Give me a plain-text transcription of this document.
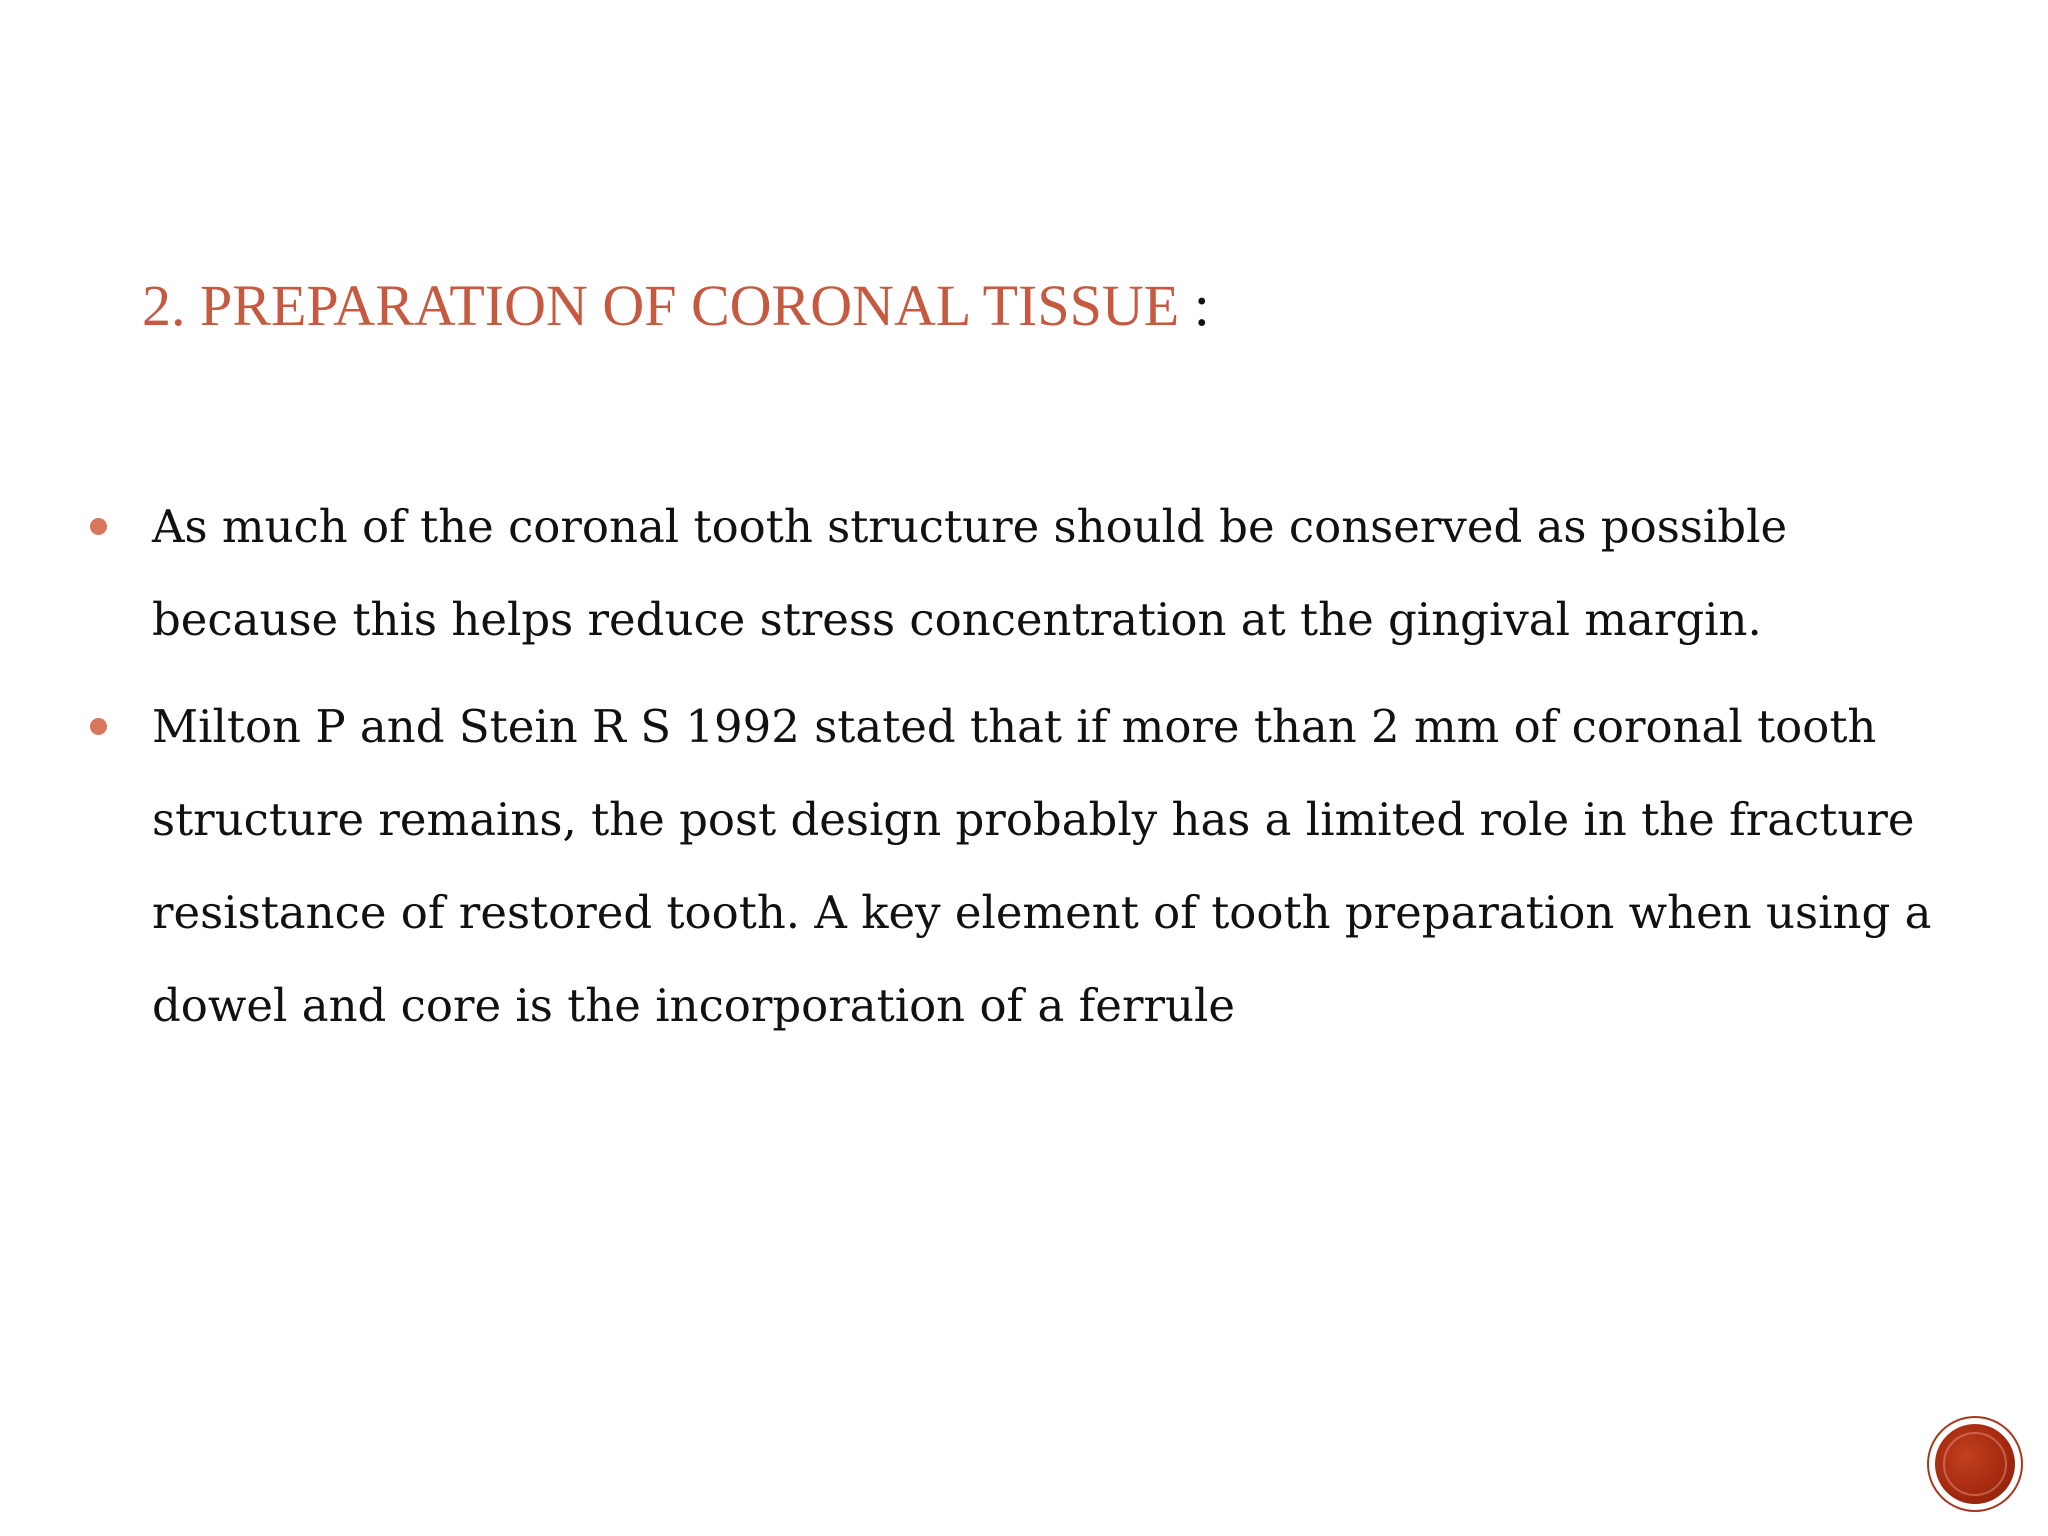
2. PREPARATION OF CORONAL TISSUE :
As much of the coronal tooth structure should be conserved as possible
because this helps reduce stress concentration at the gingival margin.
Milton P and Stein R S 1992 stated that if more than 2 mm of coronal tooth
structure remains, the post design probably has a limited role in the fracture
resistance of restored tooth. A key element of tooth preparation when using a
dowel and core is the incorporation of a ferrule
